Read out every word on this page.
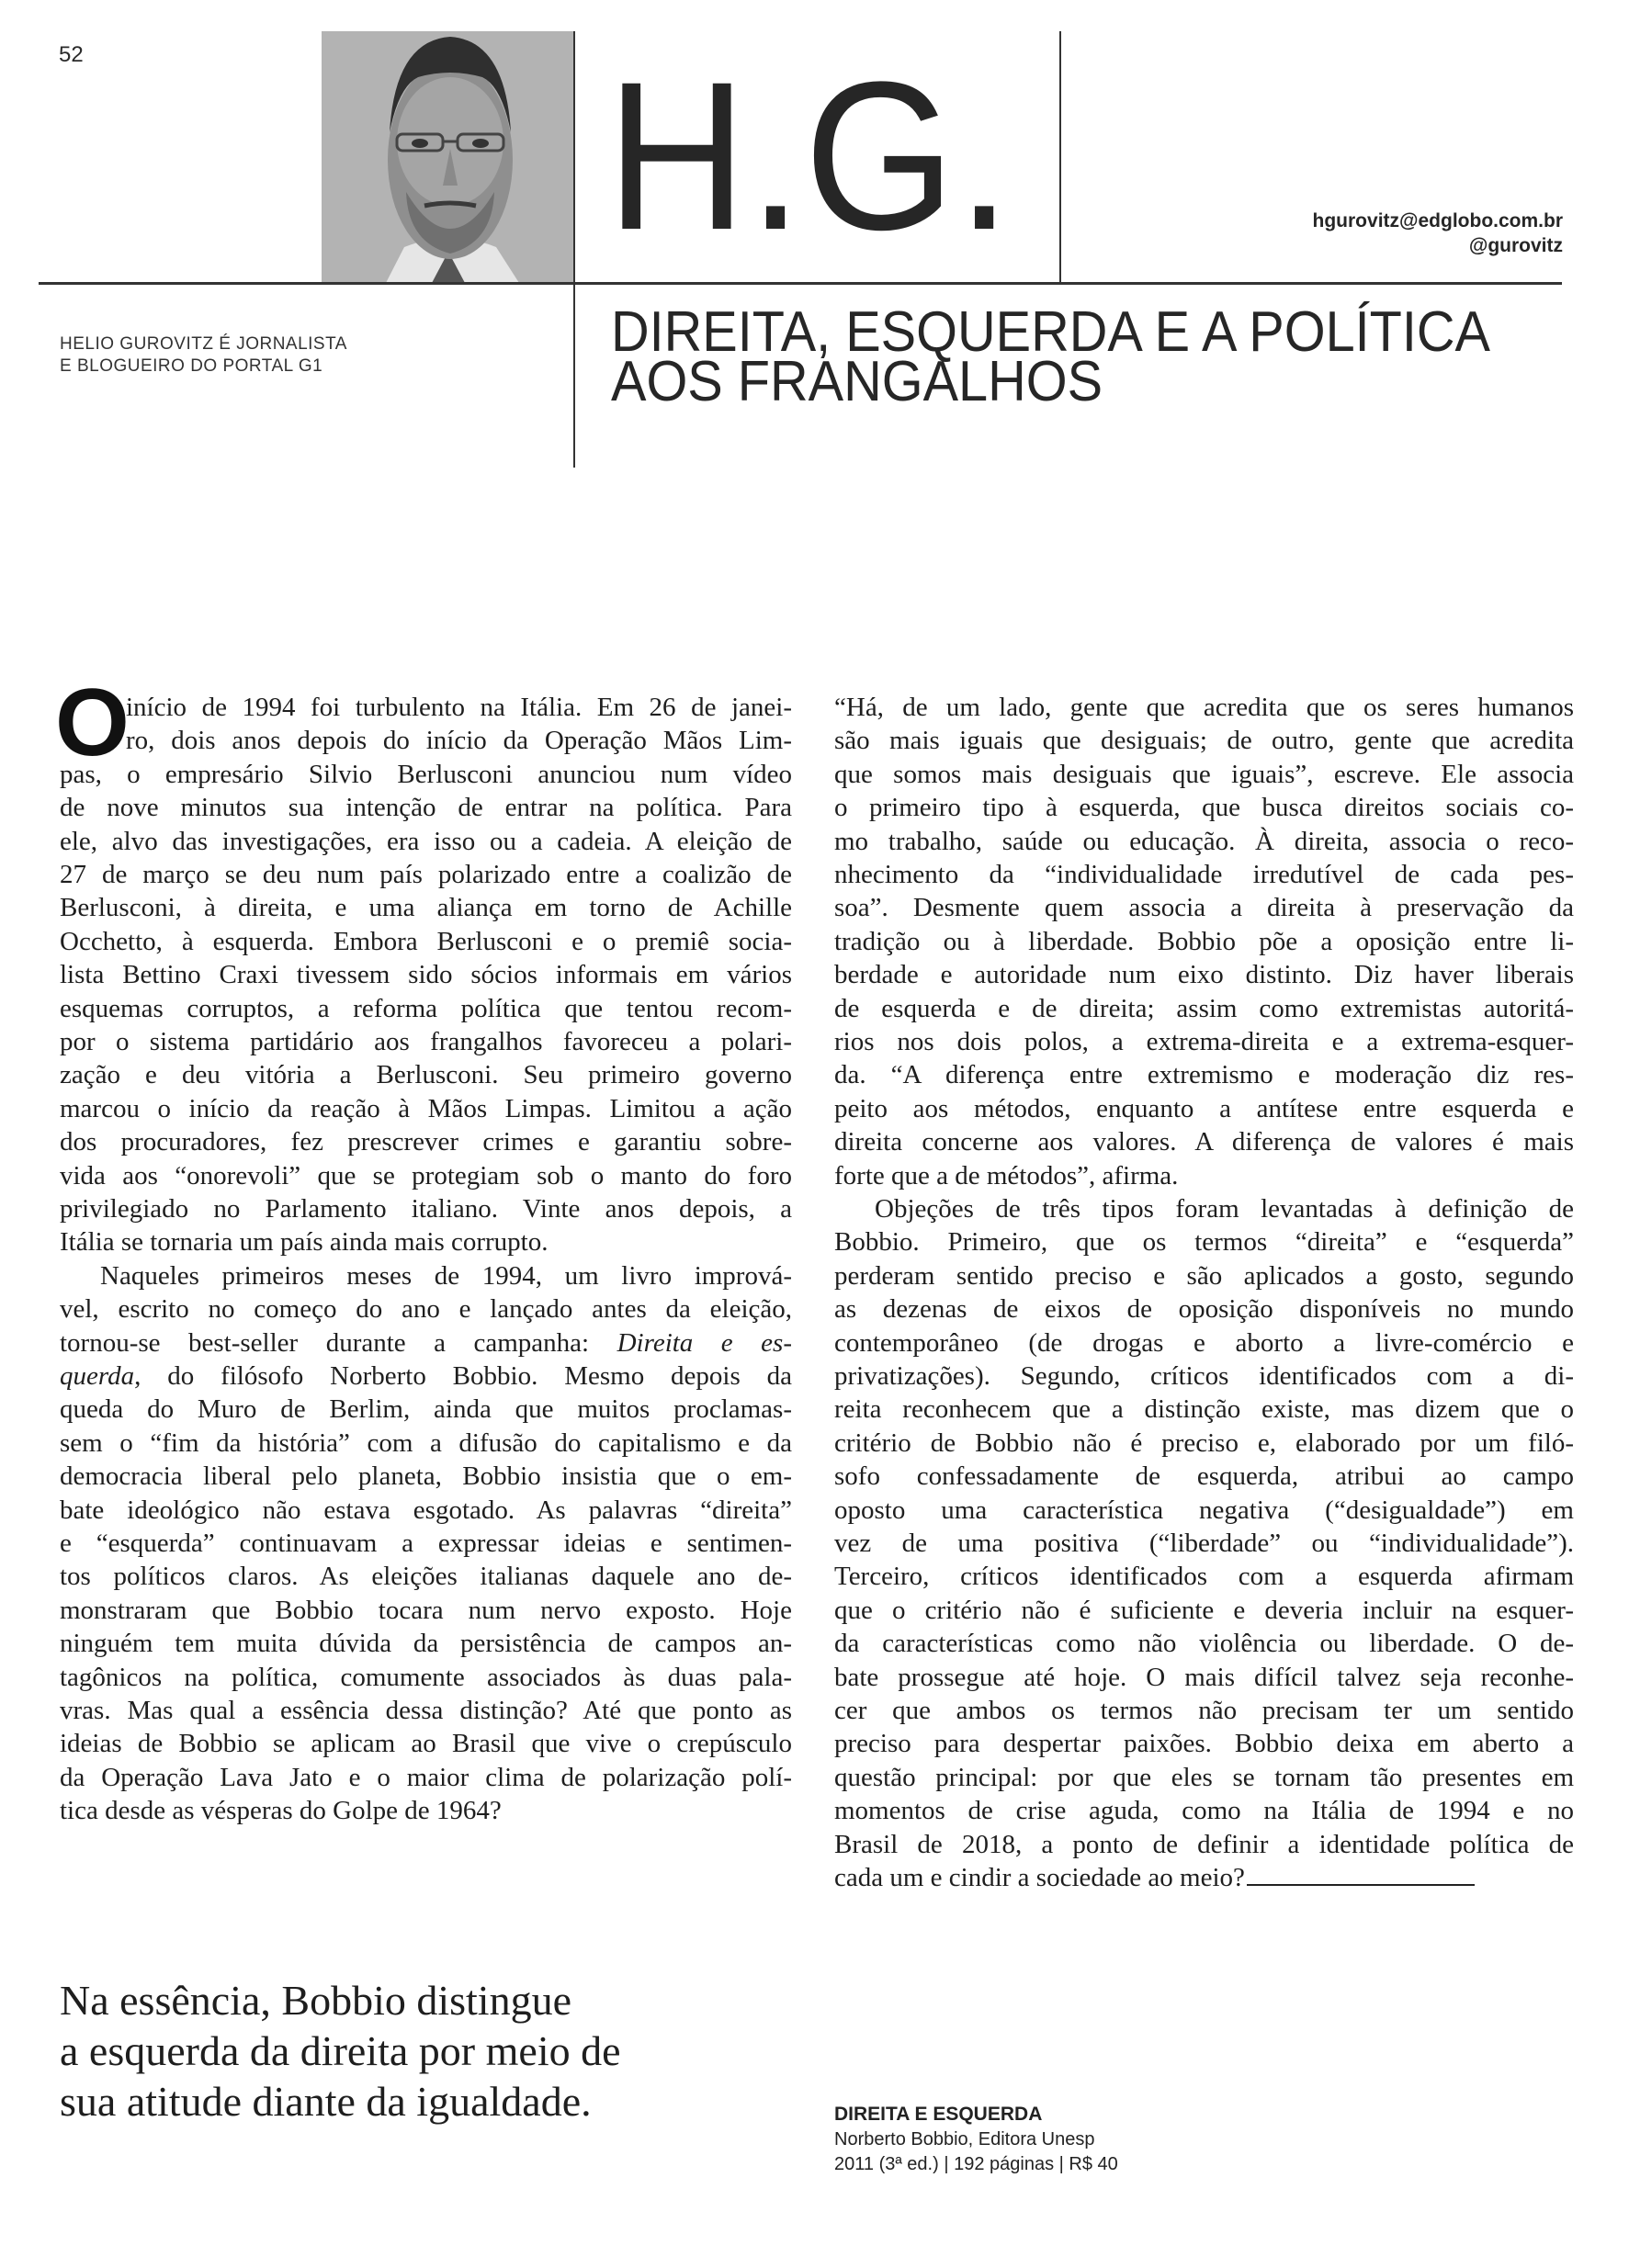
52 H.G.	hgurovitz@edglobo.com.br
@gurovitz
HELIO GUROVITZ É JORNALISTA
E BLOGUEIRO DO PORTAL G1
DIREITA, ESQUERDA E A POLÍTICA
AOS FRANGALHOS
O
início de 1994 foi turbulento na Itália. Em 26 de janei-
ro, dois anos depois do início da Operação Mãos Lim-
pas, o empresário Silvio Berlusconi anunciou num vídeo
de nove minutos sua intenção de entrar na política. Para
ele, alvo das investigações, era isso ou a cadeia. A eleição de
27 de março se deu num país polarizado entre a coalizão de
Berlusconi, à direita, e uma aliança em torno de Achille
Occhetto, à esquerda. Embora Berlusconi e o premiê socia-
lista Bettino Craxi tivessem sido sócios informais em vários
esquemas corruptos, a reforma política que tentou recom-
por o sistema partidário aos frangalhos favoreceu a polari-
zação e deu vitória a Berlusconi. Seu primeiro governo
marcou o início da reação à Mãos Limpas. Limitou a ação
dos procuradores, fez prescrever crimes e garantiu sobre-
vida aos “onorevoli” que se protegiam sob o manto do foro
privilegiado no Parlamento italiano. Vinte anos depois, a
Itália se tornaria um país ainda mais corrupto.
Naqueles primeiros meses de 1994, um livro imprová-
vel, escrito no começo do ano e lançado antes da eleição,
tornou-se best-seller durante a campanha: Direita e es-
querda, do filósofo Norberto Bobbio. Mesmo depois da
queda do Muro de Berlim, ainda que muitos proclamas-
sem o “fim da história” com a difusão do capitalismo e da
democracia liberal pelo planeta, Bobbio insistia que o em-
bate ideológico não estava esgotado. As palavras “direita”
e “esquerda” continuavam a expressar ideias e sentimen-
tos políticos claros. As eleições italianas daquele ano de-
monstraram que Bobbio tocara num nervo exposto. Hoje
ninguém tem muita dúvida da persistência de campos an-
tagônicos na política, comumente associados às duas pala-
vras. Mas qual a essência dessa distinção? Até que ponto as
ideias de Bobbio se aplicam ao Brasil que vive o crepúsculo
da Operação Lava Jato e o maior clima de polarização polí-
tica desde as vésperas do Golpe de 1964?
“Há, de um lado, gente que acredita que os seres humanos
são mais iguais que desiguais; de outro, gente que acredita
que somos mais desiguais que iguais”, escreve. Ele associa
o primeiro tipo à esquerda, que busca direitos sociais co-
mo trabalho, saúde ou educação. À direita, associa o reco-
nhecimento da “individualidade irredutível de cada pes-
soa”. Desmente quem associa a direita à preservação da
tradição ou à liberdade. Bobbio põe a oposição entre li-
berdade e autoridade num eixo distinto. Diz haver liberais
de esquerda e de direita; assim como extremistas autoritá-
rios nos dois polos, a extrema-direita e a extrema-esquer-
da. “A diferença entre extremismo e moderação diz res-
peito aos métodos, enquanto a antítese entre esquerda e
direita concerne aos valores. A diferença de valores é mais
forte que a de métodos”, afirma.
Objeções de três tipos foram levantadas à definição de
Bobbio. Primeiro, que os termos “direita” e “esquerda”
perderam sentido preciso e são aplicados a gosto, segundo
as dezenas de eixos de oposição disponíveis no mundo
contemporâneo (de drogas e aborto a livre-comércio e
privatizações). Segundo, críticos identificados com a di-
reita reconhecem que a distinção existe, mas dizem que o
critério de Bobbio não é preciso e, elaborado por um filó-
sofo confessadamente de esquerda, atribui ao campo
oposto uma característica negativa (“desigualdade”) em
vez de uma positiva (“liberdade” ou “individualidade”).
Terceiro, críticos identificados com a esquerda afirmam
que o critério não é suficiente e deveria incluir na esquer-
da características como não violência ou liberdade. O de-
bate prossegue até hoje. O mais difícil talvez seja reconhe-
cer que ambos os termos não precisam ter um sentido
preciso para despertar paixões. Bobbio deixa em aberto a
questão principal: por que eles se tornam tão presentes em
momentos de crise aguda, como na Itália de 1994 e no
Brasil de 2018, a ponto de definir a identidade política de
cada um e cindir a sociedade ao meio?
Na essência, Bobbio distingue
a esquerda da direita por meio de
sua atitude diante da igualdade.	DIREITA E ESQUERDA
Norberto Bobbio, Editora Unesp
2011 (3ª ed.) | 192 páginas | R$ 40
